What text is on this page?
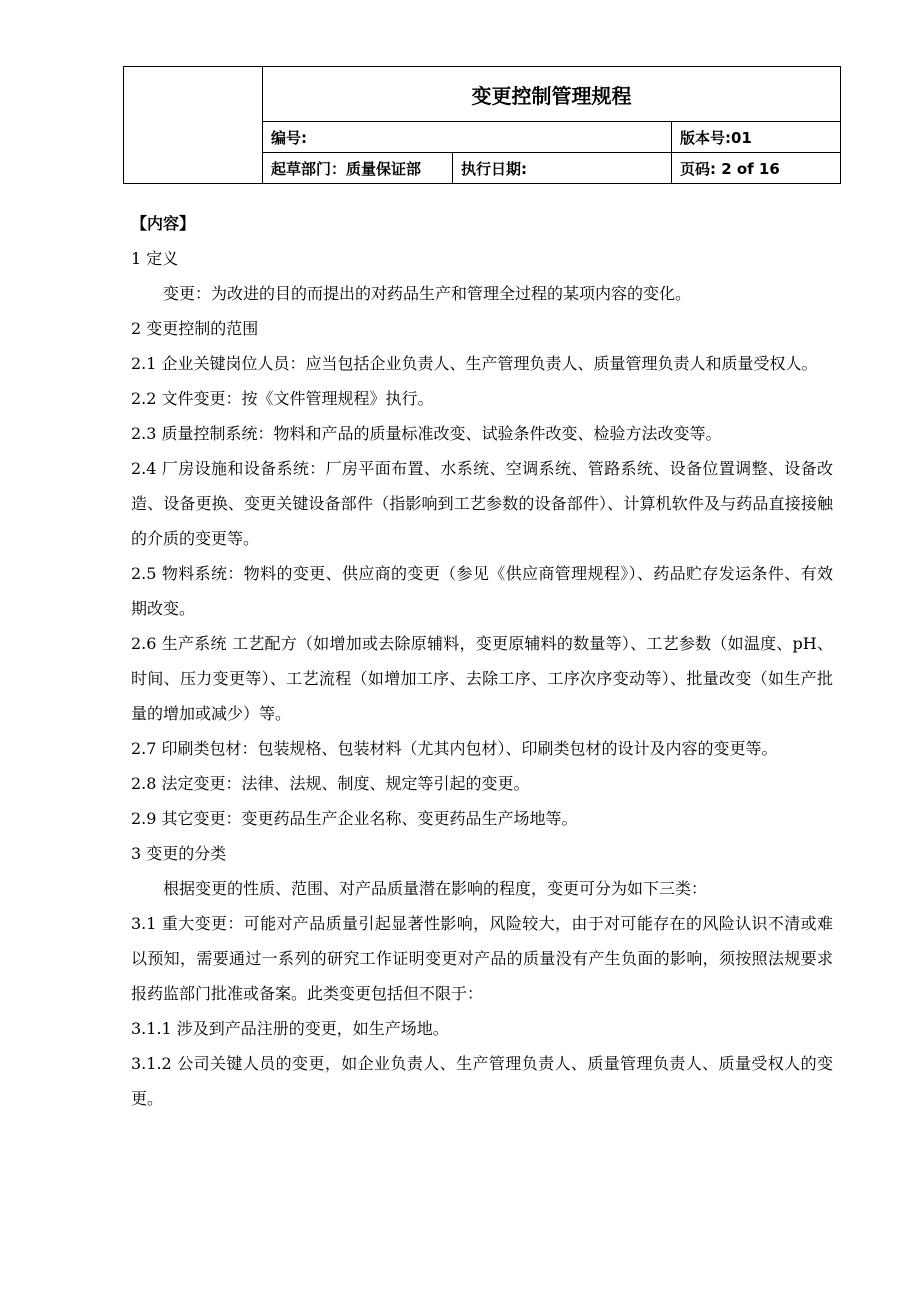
	变更控制管理规程		
	编号:		版本号:01
	起草部门：质量保证部	执行日期:	页码: 2 of 16

【内容】

1 定义

变更：为改进的目的而提出的对药品生产和管理全过程的某项内容的变化。

2 变更控制的范围

2.1 企业关键岗位人员：应当包括企业负责人、生产管理负责人、质量管理负责人和质量受权人。

2.2 文件变更：按《文件管理规程》执行。

2.3 质量控制系统：物料和产品的质量标准改变、试验条件改变、检验方法改变等。

2.4 厂房设施和设备系统：厂房平面布置、水系统、空调系统、管路系统、设备位置调整、设备改造、设备更换、变更关键设备部件（指影响到工艺参数的设备部件）、计算机软件及与药品直接接触的介质的变更等。

2.5 物料系统：物料的变更、供应商的变更（参见《供应商管理规程》）、药品贮存发运条件、有效期改变。

2.6 生产系统 工艺配方（如增加或去除原辅料，变更原辅料的数量等）、工艺参数（如温度、pH、时间、压力变更等）、工艺流程（如增加工序、去除工序、工序次序变动等）、批量改变（如生产批量的增加或减少）等。

2.7 印刷类包材：包装规格、包装材料（尤其内包材）、印刷类包材的设计及内容的变更等。

2.8 法定变更：法律、法规、制度、规定等引起的变更。

2.9 其它变更：变更药品生产企业名称、变更药品生产场地等。

3 变更的分类

根据变更的性质、范围、对产品质量潜在影响的程度，变更可分为如下三类：

3.1 重大变更：可能对产品质量引起显著性影响，风险较大，由于对可能存在的风险认识不清或难以预知，需要通过一系列的研究工作证明变更对产品的质量没有产生负面的影响，须按照法规要求报药监部门批准或备案。此类变更包括但不限于：

3.1.1 涉及到产品注册的变更，如生产场地。

3.1.2 公司关键人员的变更，如企业负责人、生产管理负责人、质量管理负责人、质量受权人的变更。
